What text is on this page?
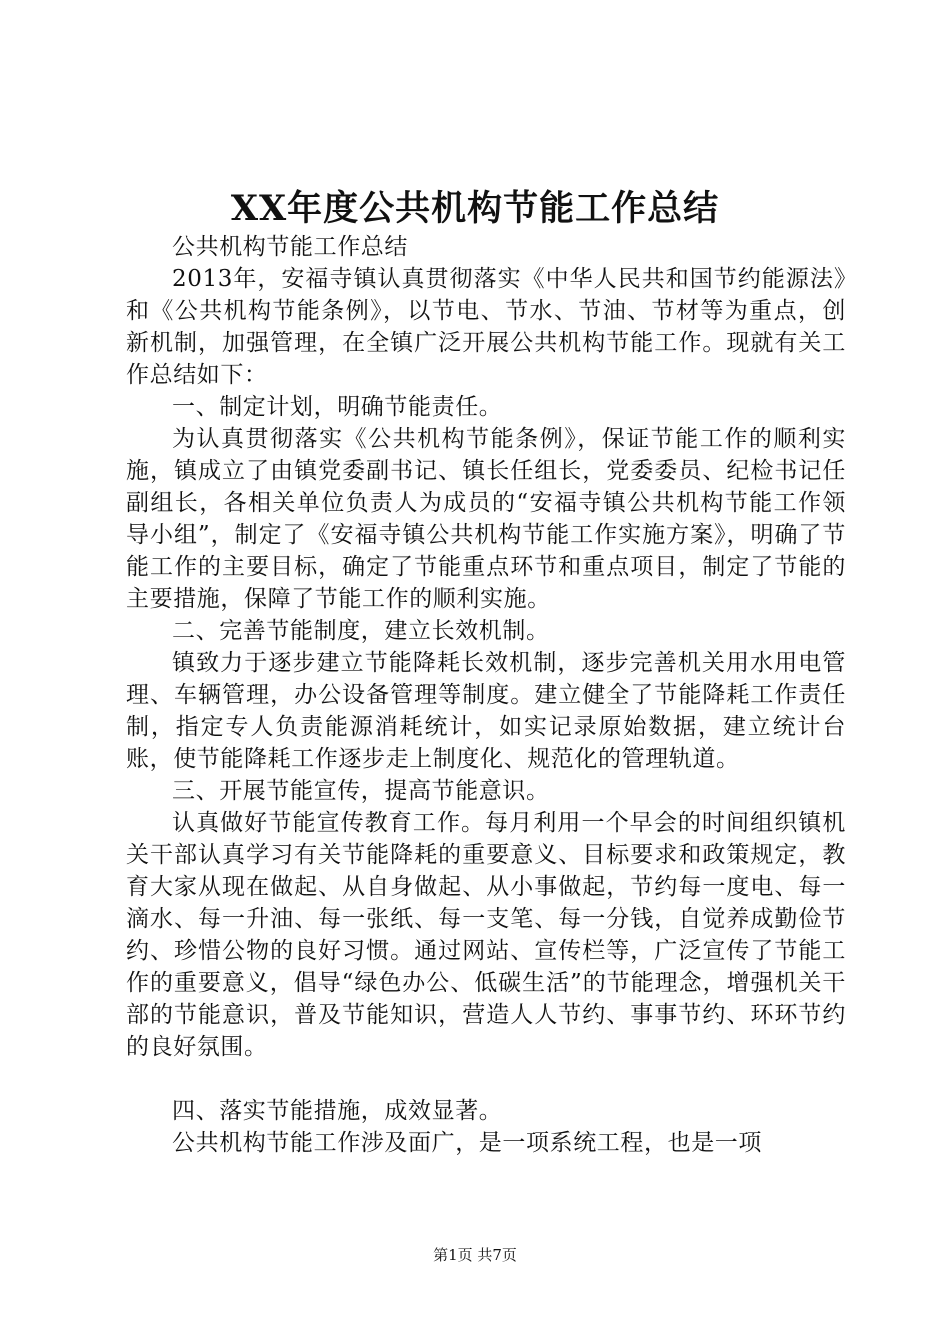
XX年度公共机构节能工作总结

公共机构节能工作总结

2013年，安福寺镇认真贯彻落实《中华人民共和国节约能源法》和《公共机构节能条例》，以节电、节水、节油、节材等为重点，创新机制，加强管理，在全镇广泛开展公共机构节能工作。现就有关工作总结如下：

一、制定计划，明确节能责任。

为认真贯彻落实《公共机构节能条例》，保证节能工作的顺利实施，镇成立了由镇党委副书记、镇长任组长，党委委员、纪检书记任副组长，各相关单位负责人为成员的“安福寺镇公共机构节能工作领导小组”，制定了《安福寺镇公共机构节能工作实施方案》，明确了节能工作的主要目标，确定了节能重点环节和重点项目，制定了节能的主要措施，保障了节能工作的顺利实施。

二、完善节能制度，建立长效机制。

镇致力于逐步建立节能降耗长效机制，逐步完善机关用水用电管理、车辆管理，办公设备管理等制度。建立健全了节能降耗工作责任制，指定专人负责能源消耗统计，如实记录原始数据，建立统计台账，使节能降耗工作逐步走上制度化、规范化的管理轨道。

三、开展节能宣传，提高节能意识。

认真做好节能宣传教育工作。每月利用一个早会的时间组织镇机关干部认真学习有关节能降耗的重要意义、目标要求和政策规定，教育大家从现在做起、从自身做起、从小事做起，节约每一度电、每一滴水、每一升油、每一张纸、每一支笔、每一分钱，自觉养成勤俭节约、珍惜公物的良好习惯。通过网站、宣传栏等，广泛宣传了节能工作的重要意义，倡导“绿色办公、低碳生活”的节能理念，增强机关干部的节能意识，普及节能知识，营造人人节约、事事节约、环环节约的良好氛围。

四、落实节能措施，成效显著。

公共机构节能工作涉及面广，是一项系统工程，也是一项

第1页 共7页
